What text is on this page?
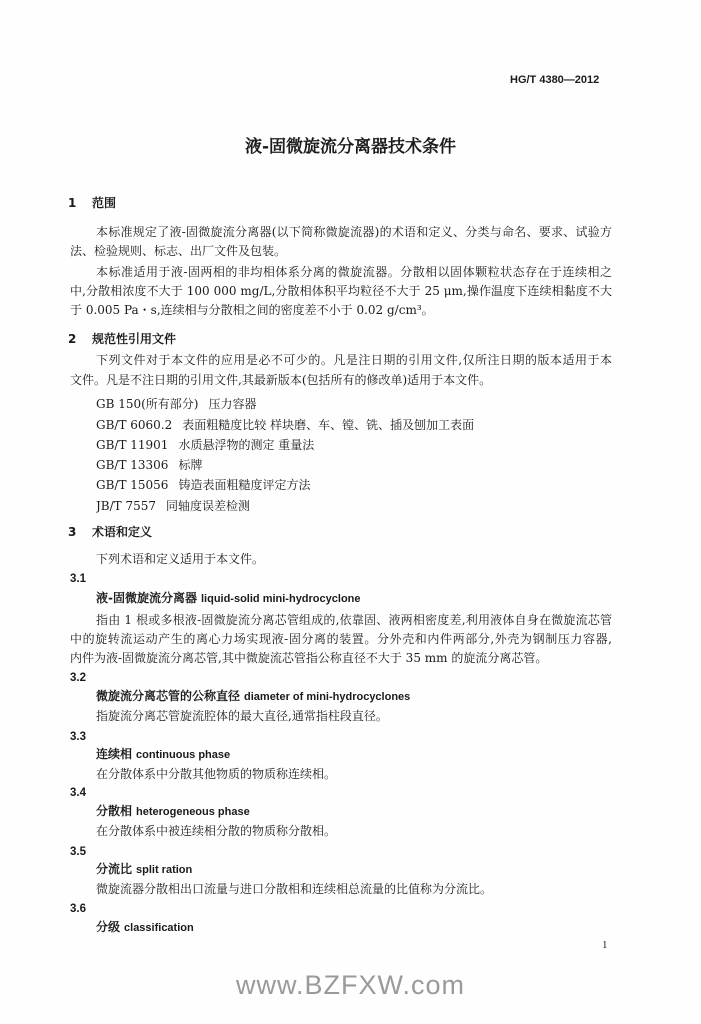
HG/T 4380—2012
液-固微旋流分离器技术条件
1 范围
本标准规定了液-固微旋流分离器(以下简称微旋流器)的术语和定义、分类与命名、要求、试验方
法、检验规则、标志、出厂文件及包装。
本标准适用于液-固两相的非均相体系分离的微旋流器。分散相以固体颗粒状态存在于连续相之
中,分散相浓度不大于 100 000 mg/L,分散相体积平均粒径不大于 25 μm,操作温度下连续相黏度不大
于 0.005 Pa・s,连续相与分散相之间的密度差不小于 0.02 g/cm³。
2 规范性引用文件
下列文件对于本文件的应用是必不可少的。凡是注日期的引用文件,仅所注日期的版本适用于本
文件。凡是不注日期的引用文件,其最新版本(包括所有的修改单)适用于本文件。
GB 150(所有部分) 压力容器
GB/T 6060.2 表面粗糙度比较 样块磨、车、镗、铣、插及刨加工表面
GB/T 11901 水质悬浮物的测定 重量法
GB/T 13306 标牌
GB/T 15056 铸造表面粗糙度评定方法
JB/T 7557 同轴度误差检测
3 术语和定义
下列术语和定义适用于本文件。
3.1
液-固微旋流分离器 liquid-solid mini-hydrocyclone
指由 1 根或多根液-固微旋流分离芯管组成的,依靠固、液两相密度差,利用液体自身在微旋流芯管
中的旋转流运动产生的离心力场实现液-固分离的装置。分外壳和内件两部分,外壳为钢制压力容器,
内件为液-固微旋流分离芯管,其中微旋流芯管指公称直径不大于 35 mm 的旋流分离芯管。
3.2
微旋流分离芯管的公称直径 diameter of mini-hydrocyclones
指旋流分离芯管旋流腔体的最大直径,通常指柱段直径。
3.3
连续相 continuous phase
在分散体系中分散其他物质的物质称连续相。
3.4
分散相 heterogeneous phase
在分散体系中被连续相分散的物质称分散相。
3.5
分流比 split ration
微旋流器分散相出口流量与进口分散相和连续相总流量的比值称为分流比。
3.6
分级 classification
1
www.BZFXW.com
